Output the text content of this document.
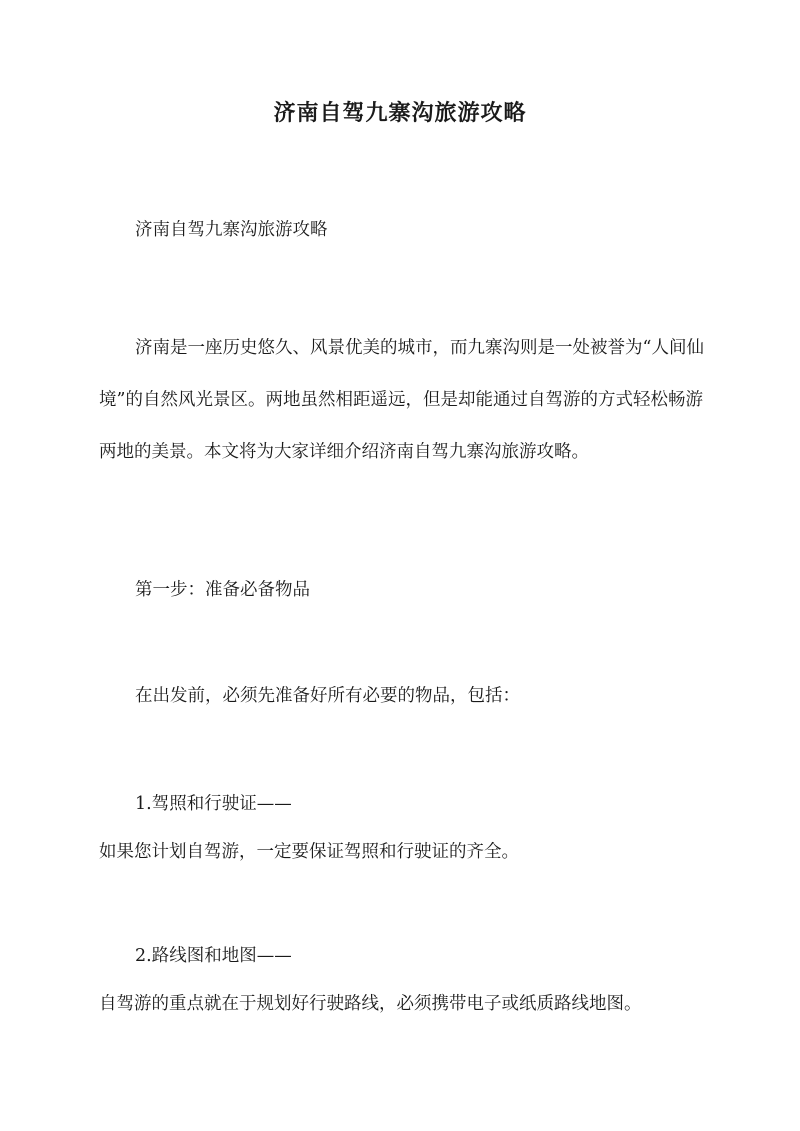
济南自驾九寨沟旅游攻略
济南自驾九寨沟旅游攻略
济南是一座历史悠久、风景优美的城市，而九寨沟则是一处被誉为“人间仙境”的自然风光景区。两地虽然相距遥远，但是却能通过自驾游的方式轻松畅游两地的美景。本文将为大家详细介绍济南自驾九寨沟旅游攻略。
第一步：准备必备物品
在出发前，必须先准备好所有必要的物品，包括：
1.驾照和行驶证——
如果您计划自驾游，一定要保证驾照和行驶证的齐全。
2.路线图和地图——
自驾游的重点就在于规划好行驶路线，必须携带电子或纸质路线地图。
